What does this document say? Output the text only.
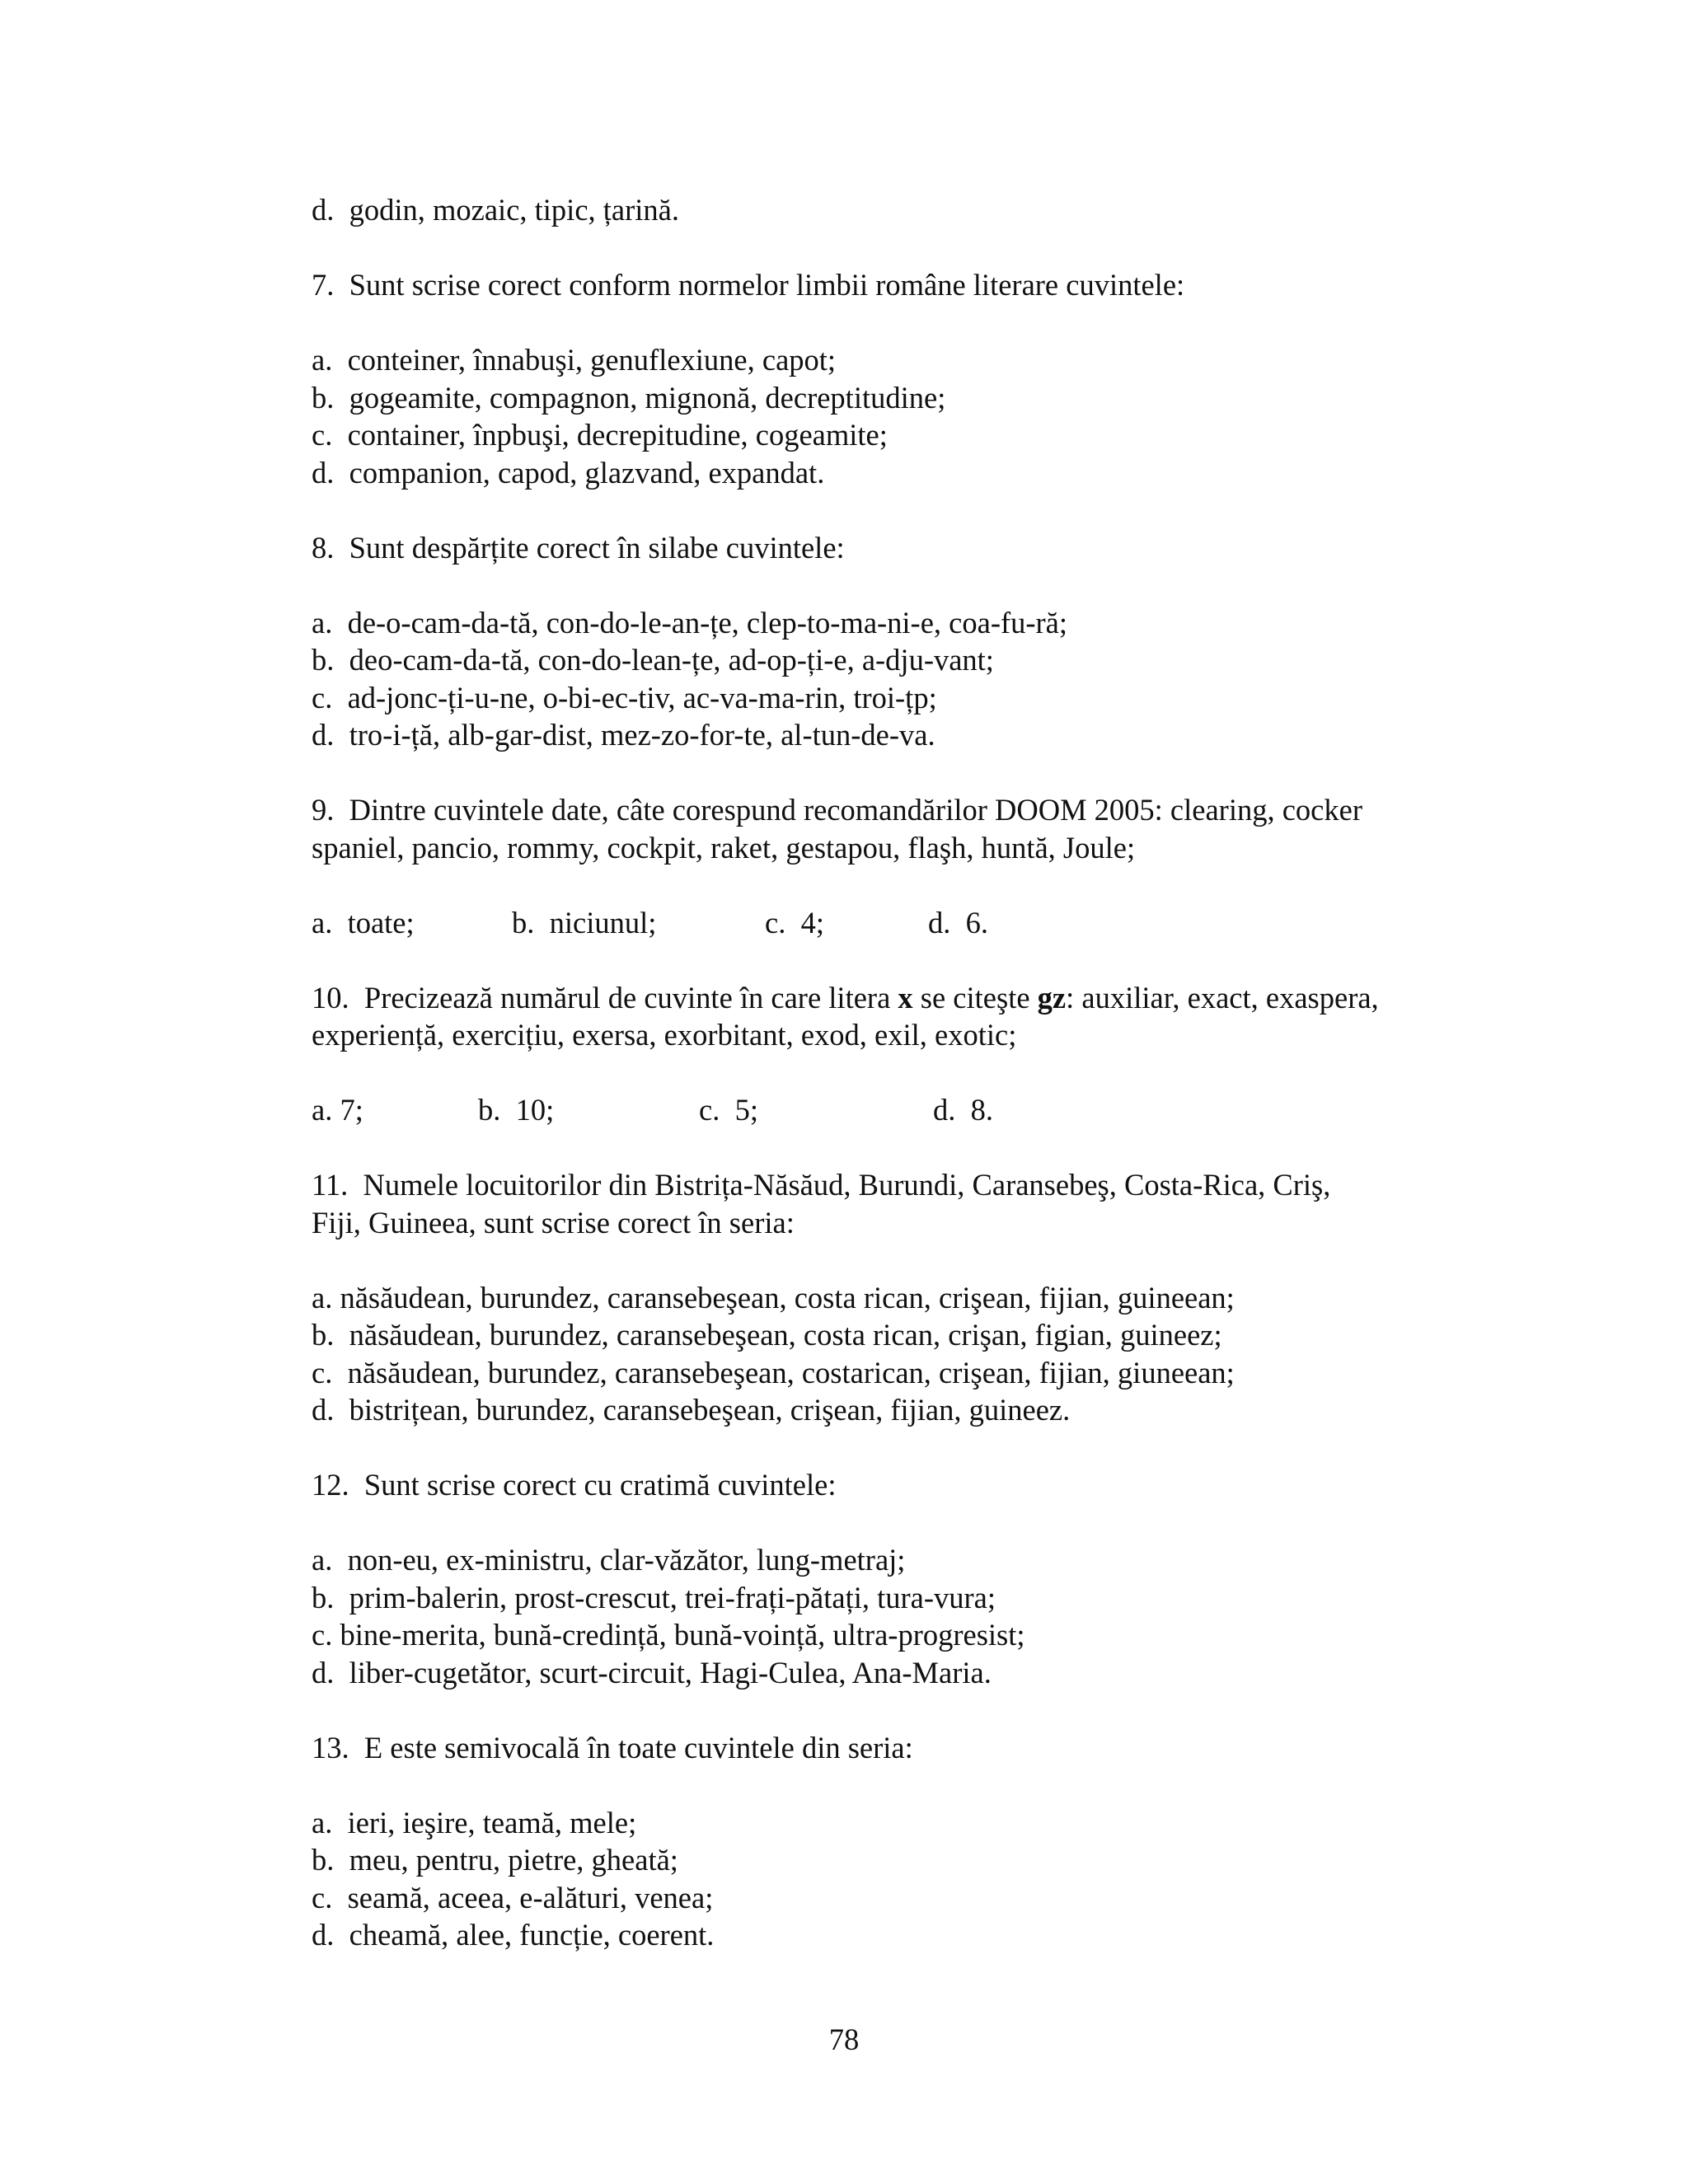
d.  godin, mozaic, tipic, țarină.
7.  Sunt scrise corect conform normelor limbii române literare cuvintele:
a.  conteiner, înnabuşi, genuflexiune, capot;
b.  gogeamite, compagnon, mignonă, decreptitudine;
c.  container, înpbuşi, decrepitudine, cogeamite;
d.  companion, capod, glazvand, expandat.
8.  Sunt despărțite corect în silabe cuvintele:
a.  de-o-cam-da-tă, con-do-le-an-țe, clep-to-ma-ni-e, coa-fu-ră;
b.  deo-cam-da-tă, con-do-lean-țe, ad-op-ți-e, a-dju-vant;
c.  ad-jonc-ți-u-ne, o-bi-ec-tiv, ac-va-ma-rin, troi-țp;
d.  tro-i-ță, alb-gar-dist, mez-zo-for-te, al-tun-de-va.
9.  Dintre cuvintele date, câte corespund recomandărilor DOOM 2005: clearing, cocker
spaniel, pancio, rommy, cockpit, raket, gestapou, flaşh, huntă, Joule;
a.  toate;	b.  niciunul;	c.  4;	d.  6.
10.  Precizează numărul de cuvinte în care litera x se citeşte gz: auxiliar, exact, exaspera,
experiență, exercițiu, exersa, exorbitant, exod, exil, exotic;
a. 7;	b.  10;	c.  5;	d.  8.
11.  Numele locuitorilor din Bistrița-Năsăud, Burundi, Caransebeş, Costa-Rica, Criş,
Fiji, Guineea, sunt scrise corect în seria:
a. năsăudean, burundez, caransebeşean, costa rican, crişean, fijian, guineean;
b.  năsăudean, burundez, caransebeşean, costa rican, crişan, figian, guineez;
c.  năsăudean, burundez, caransebeşean, costarican, crişean, fijian, giuneean;
d.  bistrițean, burundez, caransebeşean, crişean, fijian, guineez.
12.  Sunt scrise corect cu cratimă cuvintele:
a.  non-eu, ex-ministru, clar-văzător, lung-metraj;
b.  prim-balerin, prost-crescut, trei-frați-pătați, tura-vura;
c. bine-merita, bună-credință, bună-voință, ultra-progresist;
d.  liber-cugetător, scurt-circuit, Hagi-Culea, Ana-Maria.
13.  E este semivocală în toate cuvintele din seria:
a.  ieri, ieşire, teamă, mele;
b.  meu, pentru, pietre, gheată;
c.  seamă, aceea, e-alături, venea;
d.  cheamă, alee, funcție, coerent.
78
